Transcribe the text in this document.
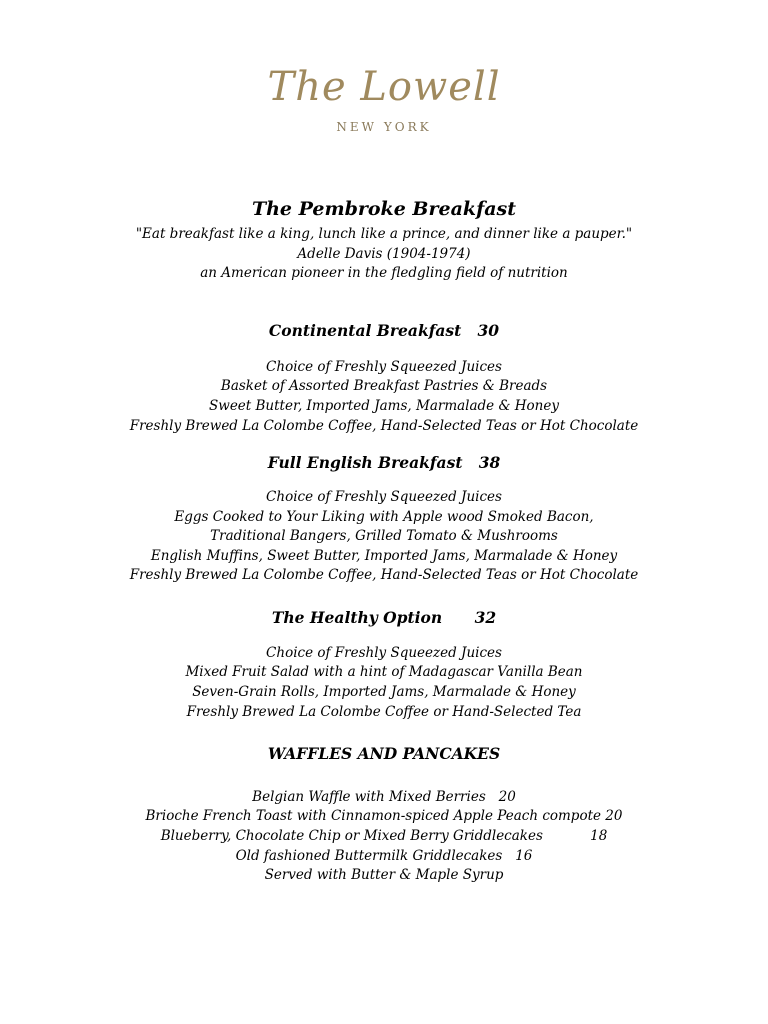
The Lowell
NEW YORK
The Pembroke Breakfast
"Eat breakfast like a king, lunch like a prince, and dinner like a pauper."
Adelle Davis (1904-1974)
an American pioneer in the fledgling field of nutrition
Continental Breakfast 30
Choice of Freshly Squeezed Juices
Basket of Assorted Breakfast Pastries & Breads
Sweet Butter, Imported Jams, Marmalade & Honey
Freshly Brewed La Colombe Coffee, Hand-Selected Teas or Hot Chocolate
Full English Breakfast 38
Choice of Freshly Squeezed Juices
Eggs Cooked to Your Liking with Apple wood Smoked Bacon,
Traditional Bangers, Grilled Tomato & Mushrooms
English Muffins, Sweet Butter, Imported Jams, Marmalade & Honey
Freshly Brewed La Colombe Coffee, Hand-Selected Teas or Hot Chocolate
The Healthy Option 32
Choice of Freshly Squeezed Juices
Mixed Fruit Salad with a hint of Madagascar Vanilla Bean
Seven-Grain Rolls, Imported Jams, Marmalade & Honey
Freshly Brewed La Colombe Coffee or Hand-Selected Tea
WAFFLES AND PANCAKES
Belgian Waffle with Mixed Berries 20
Brioche French Toast with Cinnamon-spiced Apple Peach compote 20
Blueberry, Chocolate Chip or Mixed Berry Griddlecakes	18
Old fashioned Buttermilk Griddlecakes 16
Served with Butter & Maple Syrup
